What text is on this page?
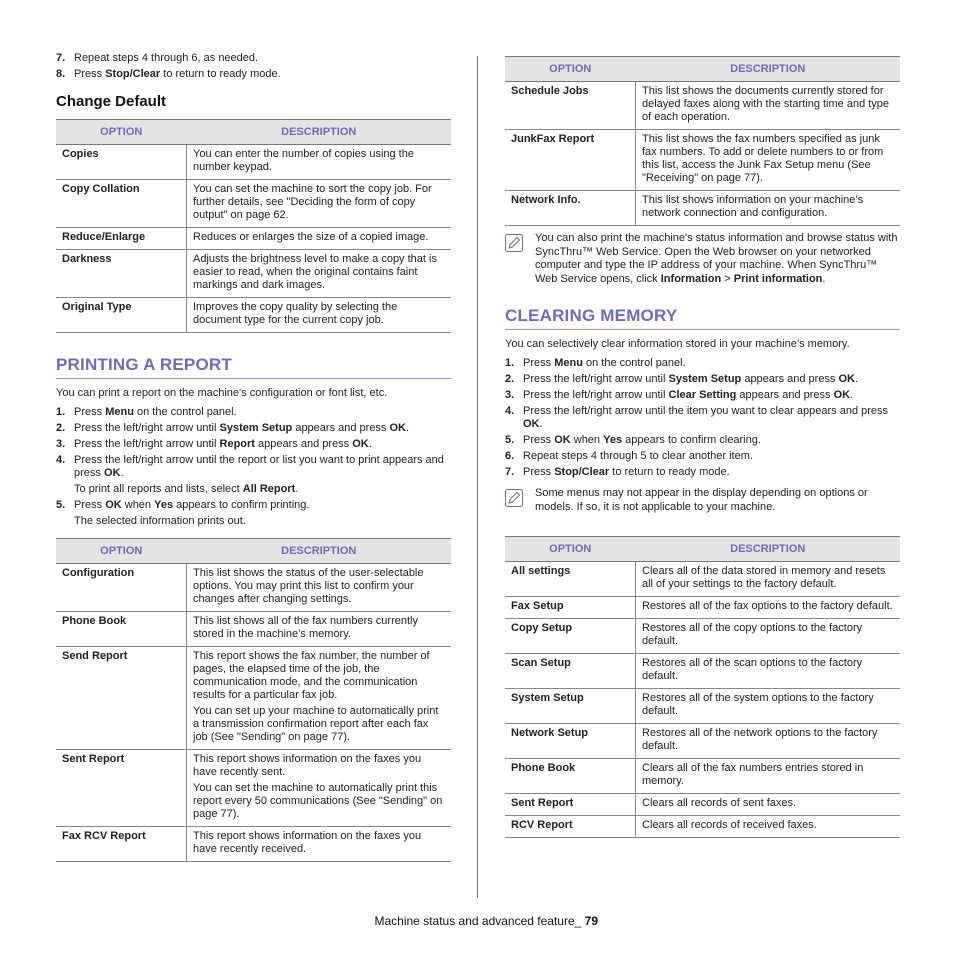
7. Repeat steps 4 through 6, as needed.
8. Press Stop/Clear to return to ready mode.
Change Default
OPTION	DESCRIPTION
Copies	You can enter the number of copies using the number keypad.

Copy Collation	You can set the machine to sort the copy job. For further details, see "Deciding the form of copy output" on page 62.

Reduce/Enlarge	Reduces or enlarges the size of a copied image.

Darkness	Adjusts the brightness level to make a copy that is easier to read, when the original contains faint markings and dark images.

Original Type	Improves the copy quality by selecting the document type for the current copy job.
PRINTING A REPORT

You can print a report on the machine's configuration or font list, etc.

1. Press Menu on the control panel.
2. Press the left/right arrow until System Setup appears and press OK.
3. Press the left/right arrow until Report appears and press OK.
4. Press the left/right arrow until the report or list you want to print appears and press OK.
To print all reports and lists, select All Report.
5. Press OK when Yes appears to confirm printing.
The selected information prints out.
OPTION	DESCRIPTION
Configuration	This list shows the status of the user-selectable options. You may print this list to confirm your changes after changing settings.

Phone Book	This list shows all of the fax numbers currently stored in the machine’s memory.

Send Report	This report shows the fax number, the number of pages, the elapsed time of the job, the communication mode, and the communication results for a particular fax job.
You can set up your machine to automatically print a transmission confirmation report after each fax job (See "Sending" on page 77).

Sent Report	This report shows information on the faxes you have recently sent.
You can set the machine to automatically print this report every 50 communications (See "Sending" on page 77).

Fax RCV Report	This report shows information on the faxes you have recently received.
OPTION	DESCRIPTION
Schedule Jobs	This list shows the documents currently stored for delayed faxes along with the starting time and type of each operation.

JunkFax Report	This list shows the fax numbers specified as junk fax numbers. To add or delete numbers to or from this list, access the Junk Fax Setup menu (See "Receiving" on page 77).

Network Info.	This list shows information on your machine’s network connection and configuration.
You can also print the machine's status information and browse status with SyncThru™ Web Service. Open the Web browser on your networked computer and type the IP address of your machine. When SyncThru™ Web Service opens, click Information > Print information.
CLEARING MEMORY

You can selectively clear information stored in your machine’s memory.

1. Press Menu on the control panel.
2. Press the left/right arrow until System Setup appears and press OK.
3. Press the left/right arrow until Clear Setting appears and press OK.
4. Press the left/right arrow until the item you want to clear appears and press OK.
5. Press OK when Yes appears to confirm clearing.
6. Repeat steps 4 through 5 to clear another item.
7. Press Stop/Clear to return to ready mode.
Some menus may not appear in the display depending on options or models. If so, it is not applicable to your machine.
OPTION	DESCRIPTION
All settings	Clears all of the data stored in memory and resets all of your settings to the factory default.

Fax Setup	Restores all of the fax options to the factory default.

Copy Setup	Restores all of the copy options to the factory default.

Scan Setup	Restores all of the scan options to the factory default.

System Setup	Restores all of the system options to the factory default.

Network Setup	Restores all of the network options to the factory default.

Phone Book	Clears all of the fax numbers entries stored in memory.

Sent Report	Clears all records of sent faxes.

RCV Report	Clears all records of received faxes.
Machine status and advanced feature_ 79
